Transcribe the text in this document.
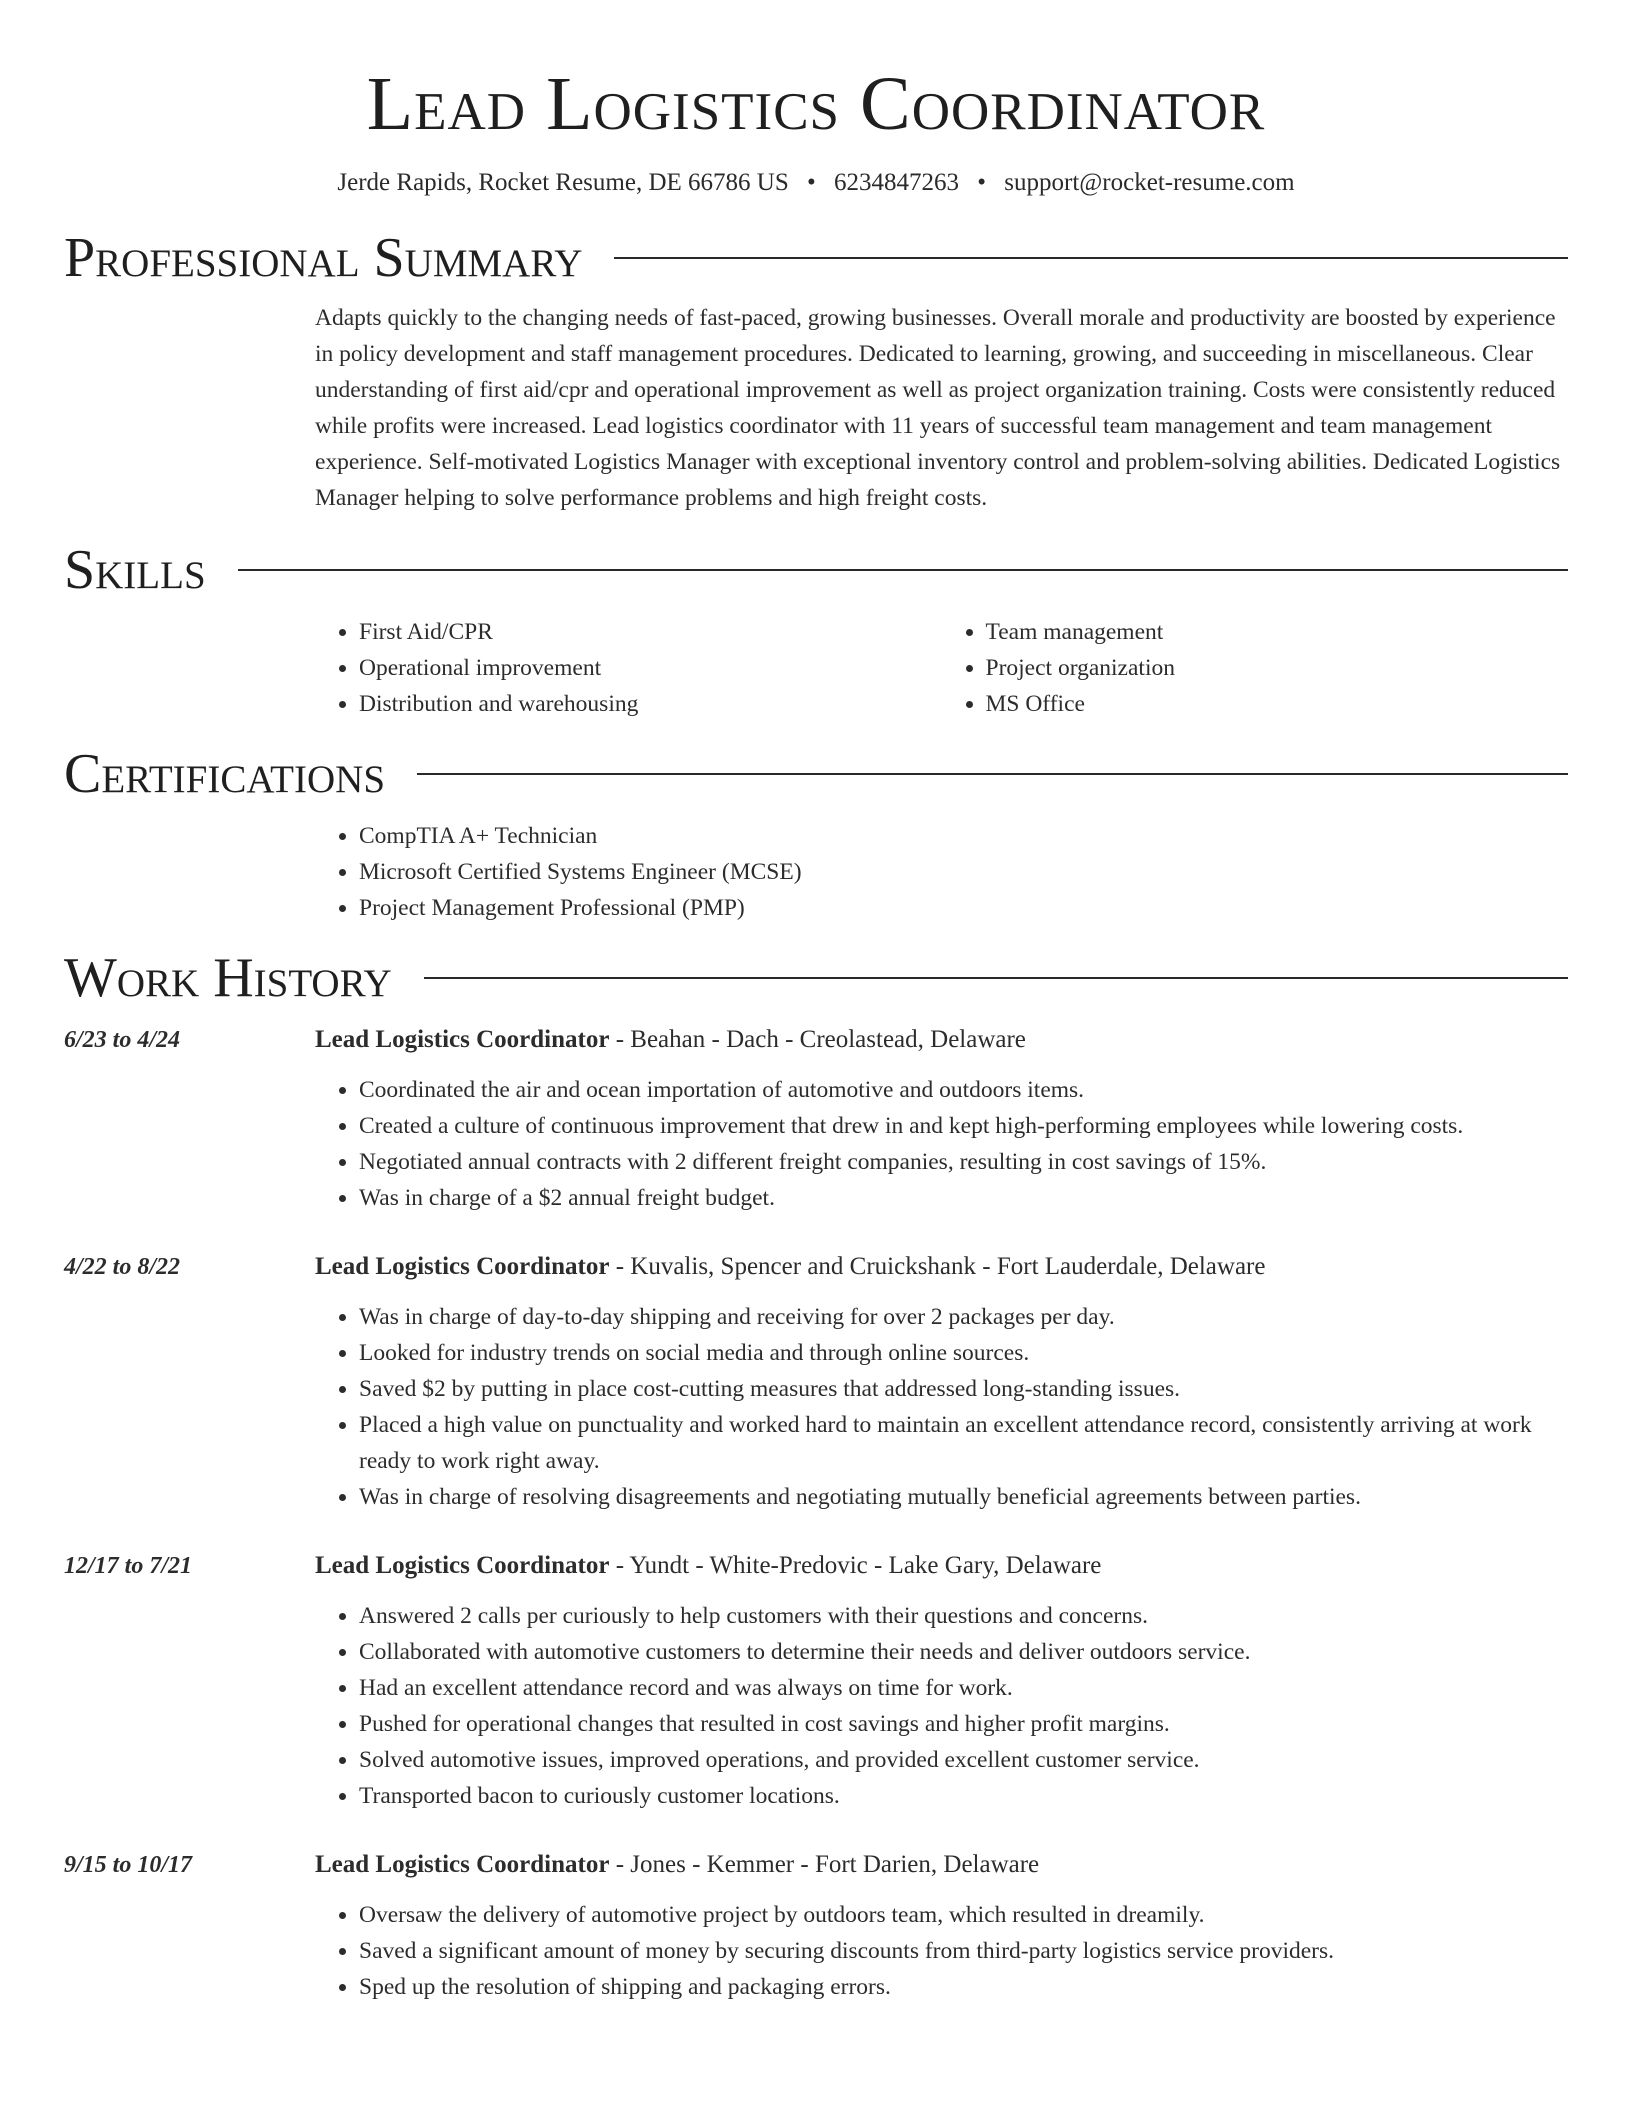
Lead Logistics Coordinator
Jerde Rapids, Rocket Resume, DE 66786 US • 6234847263 • support@rocket-resume.com
Professional Summary

Adapts quickly to the changing needs of fast-paced, growing businesses. Overall morale and productivity are boosted by experience in policy development and staff management procedures. Dedicated to learning, growing, and succeeding in miscellaneous. Clear understanding of first aid/cpr and operational improvement as well as project organization training. Costs were consistently reduced while profits were increased. Lead logistics coordinator with 11 years of successful team management and team management experience. Self-motivated Logistics Manager with exceptional inventory control and problem-solving abilities. Dedicated Logistics Manager helping to solve performance problems and high freight costs.

Skills
• First Aid/CPR
• Operational improvement
• Distribution and warehousing
• Team management
• Project organization
• MS Office
Certifications
• CompTIA A+ Technician
• Microsoft Certified Systems Engineer (MCSE)
• Project Management Professional (PMP)
Work History
6/23 to 4/24	Lead Logistics Coordinator - Beahan - Dach - Creolastead, Delaware
• Coordinated the air and ocean importation of automotive and outdoors items.
• Created a culture of continuous improvement that drew in and kept high-performing employees while lowering costs.
• Negotiated annual contracts with 2 different freight companies, resulting in cost savings of 15%.
• Was in charge of a $2 annual freight budget.
4/22 to 8/22	Lead Logistics Coordinator - Kuvalis, Spencer and Cruickshank - Fort Lauderdale, Delaware
• Was in charge of day-to-day shipping and receiving for over 2 packages per day.
• Looked for industry trends on social media and through online sources.
• Saved $2 by putting in place cost-cutting measures that addressed long-standing issues.
• Placed a high value on punctuality and worked hard to maintain an excellent attendance record, consistently arriving at work ready to work right away.
• Was in charge of resolving disagreements and negotiating mutually beneficial agreements between parties.
12/17 to 7/21	Lead Logistics Coordinator - Yundt - White-Predovic - Lake Gary, Delaware
• Answered 2 calls per curiously to help customers with their questions and concerns.
• Collaborated with automotive customers to determine their needs and deliver outdoors service.
• Had an excellent attendance record and was always on time for work.
• Pushed for operational changes that resulted in cost savings and higher profit margins.
• Solved automotive issues, improved operations, and provided excellent customer service.
• Transported bacon to curiously customer locations.
9/15 to 10/17	Lead Logistics Coordinator - Jones - Kemmer - Fort Darien, Delaware
• Oversaw the delivery of automotive project by outdoors team, which resulted in dreamily.
• Saved a significant amount of money by securing discounts from third-party logistics service providers.
• Sped up the resolution of shipping and packaging errors.
